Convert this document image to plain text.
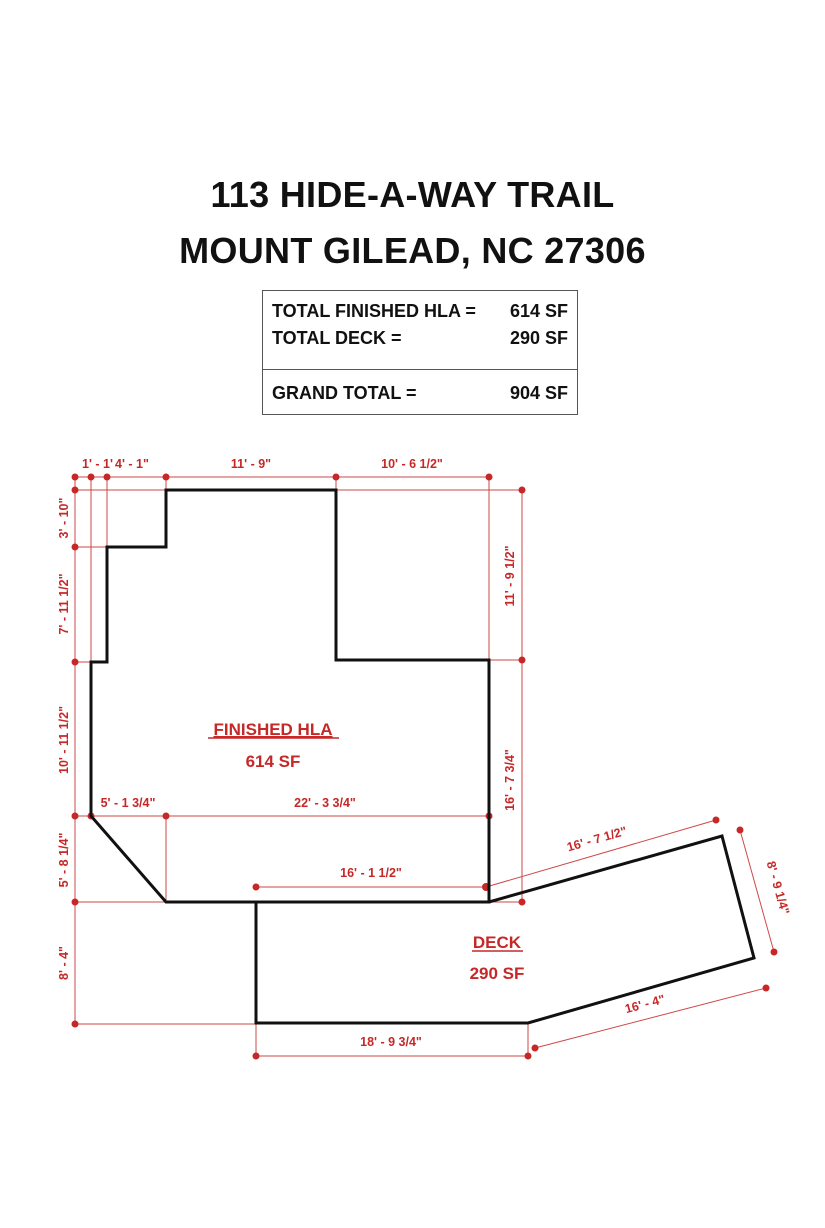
113 HIDE-A-WAY TRAIL
MOUNT GILEAD, NC 27306
TOTAL FINISHED HLA = 614 SF
TOTAL DECK =	290 SF
GRAND TOTAL =	904 SF
FINISHED HLA
614 SF
DECK
290 SF
1' - 1' 4' - 1"	11' - 9"	10' - 6 1/2"
3' - 10"
7' - 11 1/2"
10' - 11 1/2"
5' - 8 1/4"
8' - 4"
11' - 9 1/2"
16' - 7 3/4"
5' - 1 3/4"	22' - 3 3/4"
16' - 1 1/2"
16' - 7 1/2"
8' - 9 1/4"
16' - 4"
18' - 9 3/4"
